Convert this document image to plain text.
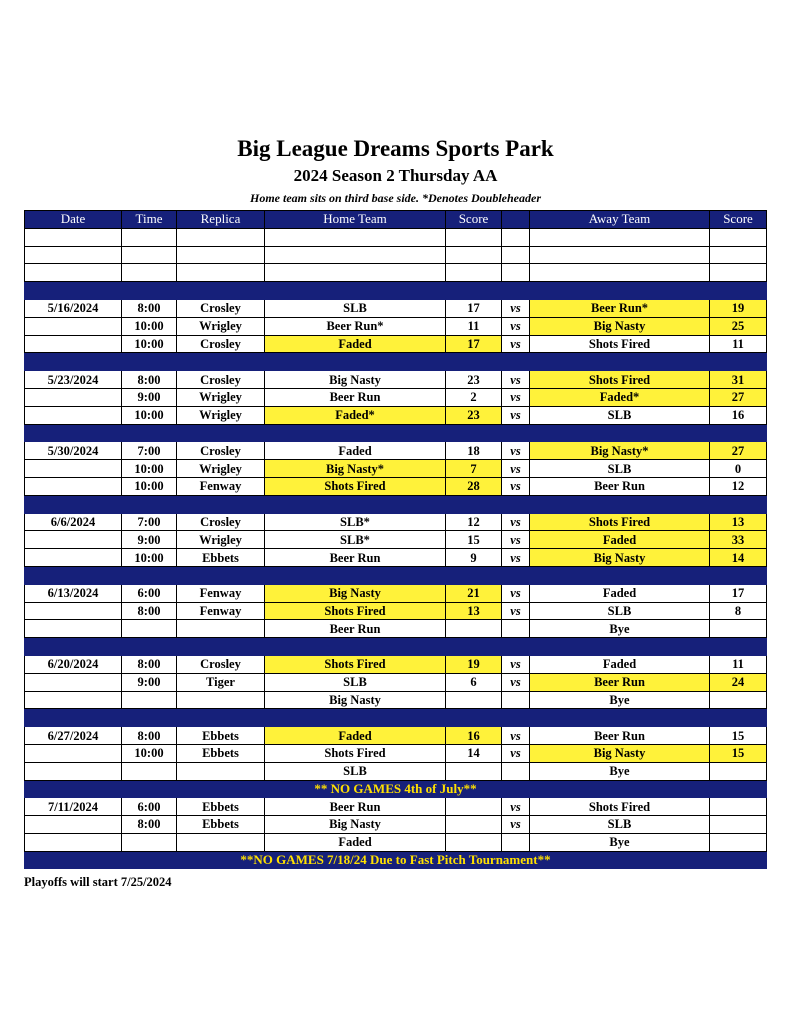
Big League Dreams Sports Park
2024 Season 2 Thursday AA
Home team sits on third base side. *Denotes Doubleheader
Date	Time	Replica	Home Team	Score		Away Team	Score

5/16/2024	8:00	Crosley	SLB	17	vs	Beer Run*	19
	10:00	Wrigley	Beer Run*	11	vs	Big Nasty	25
	10:00	Crosley	Faded	17	vs	Shots Fired	11

5/23/2024	8:00	Crosley	Big Nasty	23	vs	Shots Fired	31
	9:00	Wrigley	Beer Run	2	vs	Faded*	27
	10:00	Wrigley	Faded*	23	vs	SLB	16

5/30/2024	7:00	Crosley	Faded	18	vs	Big Nasty*	27
	10:00	Wrigley	Big Nasty*	7	vs	SLB	0
	10:00	Fenway	Shots Fired	28	vs	Beer Run	12

6/6/2024	7:00	Crosley	SLB*	12	vs	Shots Fired	13
	9:00	Wrigley	SLB*	15	vs	Faded	33
	10:00	Ebbets	Beer Run	9	vs	Big Nasty	14

6/13/2024	6:00	Fenway	Big Nasty	21	vs	Faded	17
	8:00	Fenway	Shots Fired	13	vs	SLB	8
			Beer Run			Bye	

6/20/2024	8:00	Crosley	Shots Fired	19	vs	Faded	11
	9:00	Tiger	SLB	6	vs	Beer Run	24
			Big Nasty			Bye	

6/27/2024	8:00	Ebbets	Faded	16	vs	Beer Run	15
	10:00	Ebbets	Shots Fired	14	vs	Big Nasty	15
			SLB			Bye	
** NO GAMES 4th of July**							
7/11/2024	6:00	Ebbets	Beer Run		vs	Shots Fired	
	8:00	Ebbets	Big Nasty		vs	SLB	
			Faded			Bye	
**NO GAMES 7/18/24 Due to Fast Pitch Tournament**							
Playoffs will start 7/25/2024
